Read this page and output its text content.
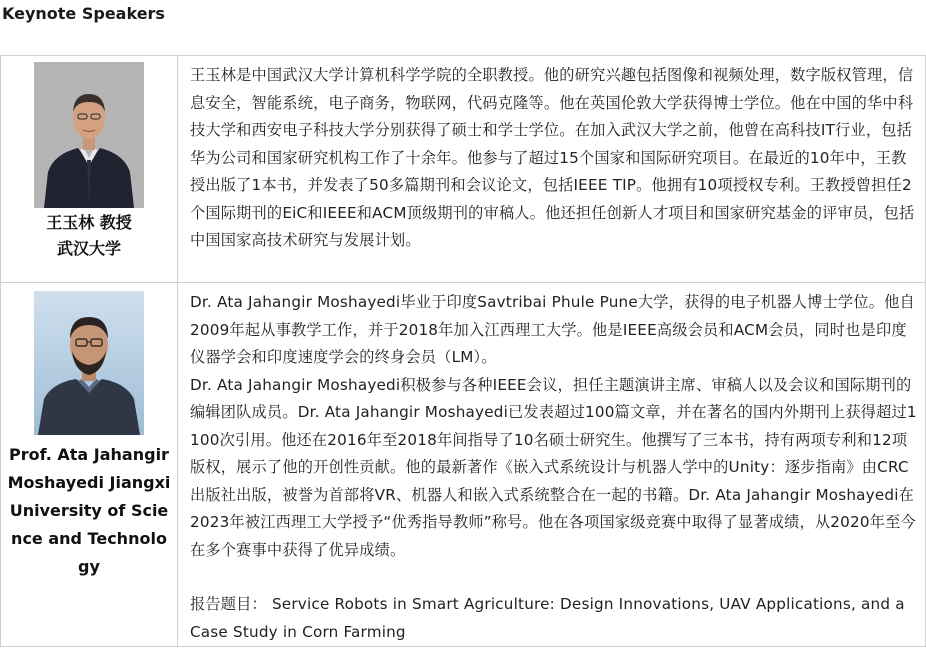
Keynote Speakers
王玉林 教授
武汉大学	王玉林是中国武汉大学计算机科学学院的全职教授。他的研究兴趣包括图像和视频处理，数字版权管理，信息安全，智能系统，电子商务，物联网，代码克隆等。他在英国伦敦大学获得博士学位。他在中国的华中科技大学和西安电子科技大学分别获得了硕士和学士学位。在加入武汉大学之前，他曾在高科技IT行业，包括华为公司和国家研究机构工作了十余年。他参与了超过15个国家和国际研究项目。在最近的10年中，王教授出版了1本书，并发表了50多篇期刊和会议论文，包括IEEE TIP。他拥有10项授权专利。王教授曾担任2个国际期刊的EiC和IEEE和ACM顶级期刊的审稿人。他还担任创新人才项目和国家研究基金的评审员，包括中国国家高技术研究与发展计划。

Prof. Ata Jahangir Moshayedi Jiangxi University of Science and Technology	Dr. Ata Jahangir Moshayedi毕业于印度Savtribai Phule Pune大学，获得的电子机器人博士学位。他自2009年起从事教学工作，并于2018年加入江西理工大学。他是IEEE高级会员和ACM会员，同时也是印度仪器学会和印度速度学会的终身会员（LM）。

Dr. Ata Jahangir Moshayedi积极参与各种IEEE会议，担任主题演讲主席、审稿人以及会议和国际期刊的编辑团队成员。Dr. Ata Jahangir Moshayedi已发表超过100篇文章，并在著名的国内外期刊上获得超过1100次引用。他还在2016年至2018年间指导了10名硕士研究生。他撰写了三本书，持有两项专利和12项版权，展示了他的开创性贡献。他的最新著作《嵌入式系统设计与机器人学中的Unity：逐步指南》由CRC出版社出版，被誉为首部将VR、机器人和嵌入式系统整合在一起的书籍。Dr. Ata Jahangir Moshayedi在2023年被江西理工大学授予“优秀指导教师”称号。他在各项国家级竞赛中取得了显著成绩，从2020年至今在多个赛事中获得了优异成绩。

报告题目： Service Robots in Smart Agriculture: Design Innovations, UAV Applications, and a Case Study in Corn Farming
